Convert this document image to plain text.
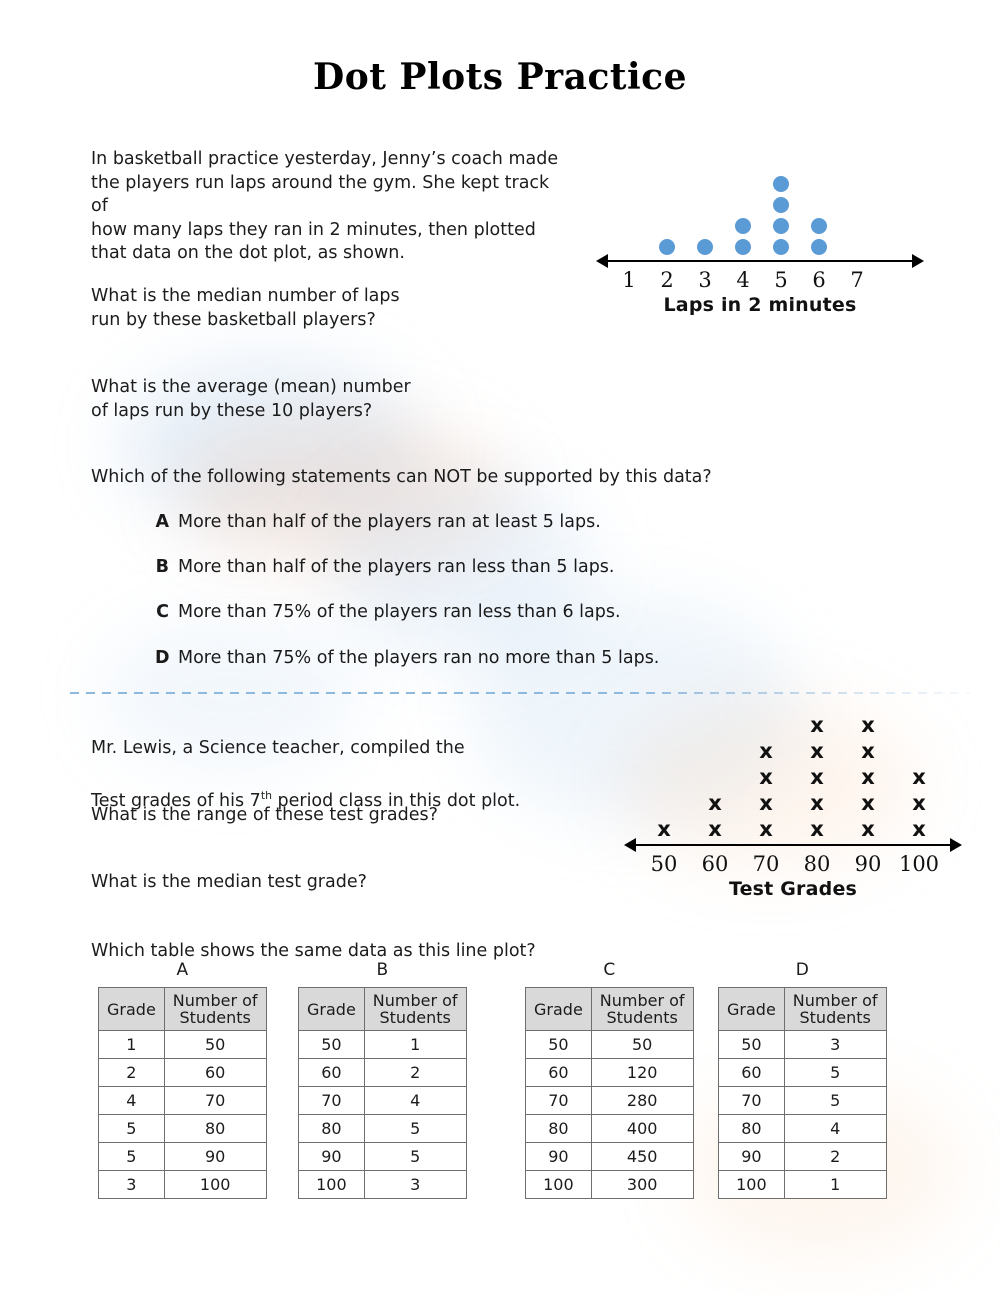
Dot Plots Practice
In basketball practice yesterday, Jenny’s coach made
the players run laps around the gym. She kept track of
how many laps they ran in 2 minutes, then plotted
that data on the dot plot, as shown.
What is the median number of laps
run by these basketball players?
What is the average (mean) number
of laps run by these 10 players?
Which of the following statements can NOT be supported by this data?
A More than half of the players ran at least 5 laps.
B More than half of the players ran less than 5 laps.
C More than 75% of the players ran less than 6 laps.
D More than 75% of the players ran no more than 5 laps.
1	2	3	4	5	6	7
Laps in 2 minutes

Mr. Lewis, a Science teacher, compiled the

Test grades of his 7th period class in this dot plot.

What is the range of these test grades?
What is the median test grade?
Which table shows the same data as this line plot?
x x
x
x
x
x
x
x
x
x
x
x
x
x
x
x
x
x
x
x
50	60	70	80	90 100
Test Grades
A
Grade	Number of
Students

1	50
2	60
4	70
5	80
5	90
3	100
B
Grade	Number of
Students

50	1
60	2
70	4
80	5
90	5
100	3
C
Grade	Number of
Students

50	50
60	120
70	280
80	400
90	450
100	300
D
Grade	Number of
Students

50	3
60	5
70	5
80	4
90	2
100	1
